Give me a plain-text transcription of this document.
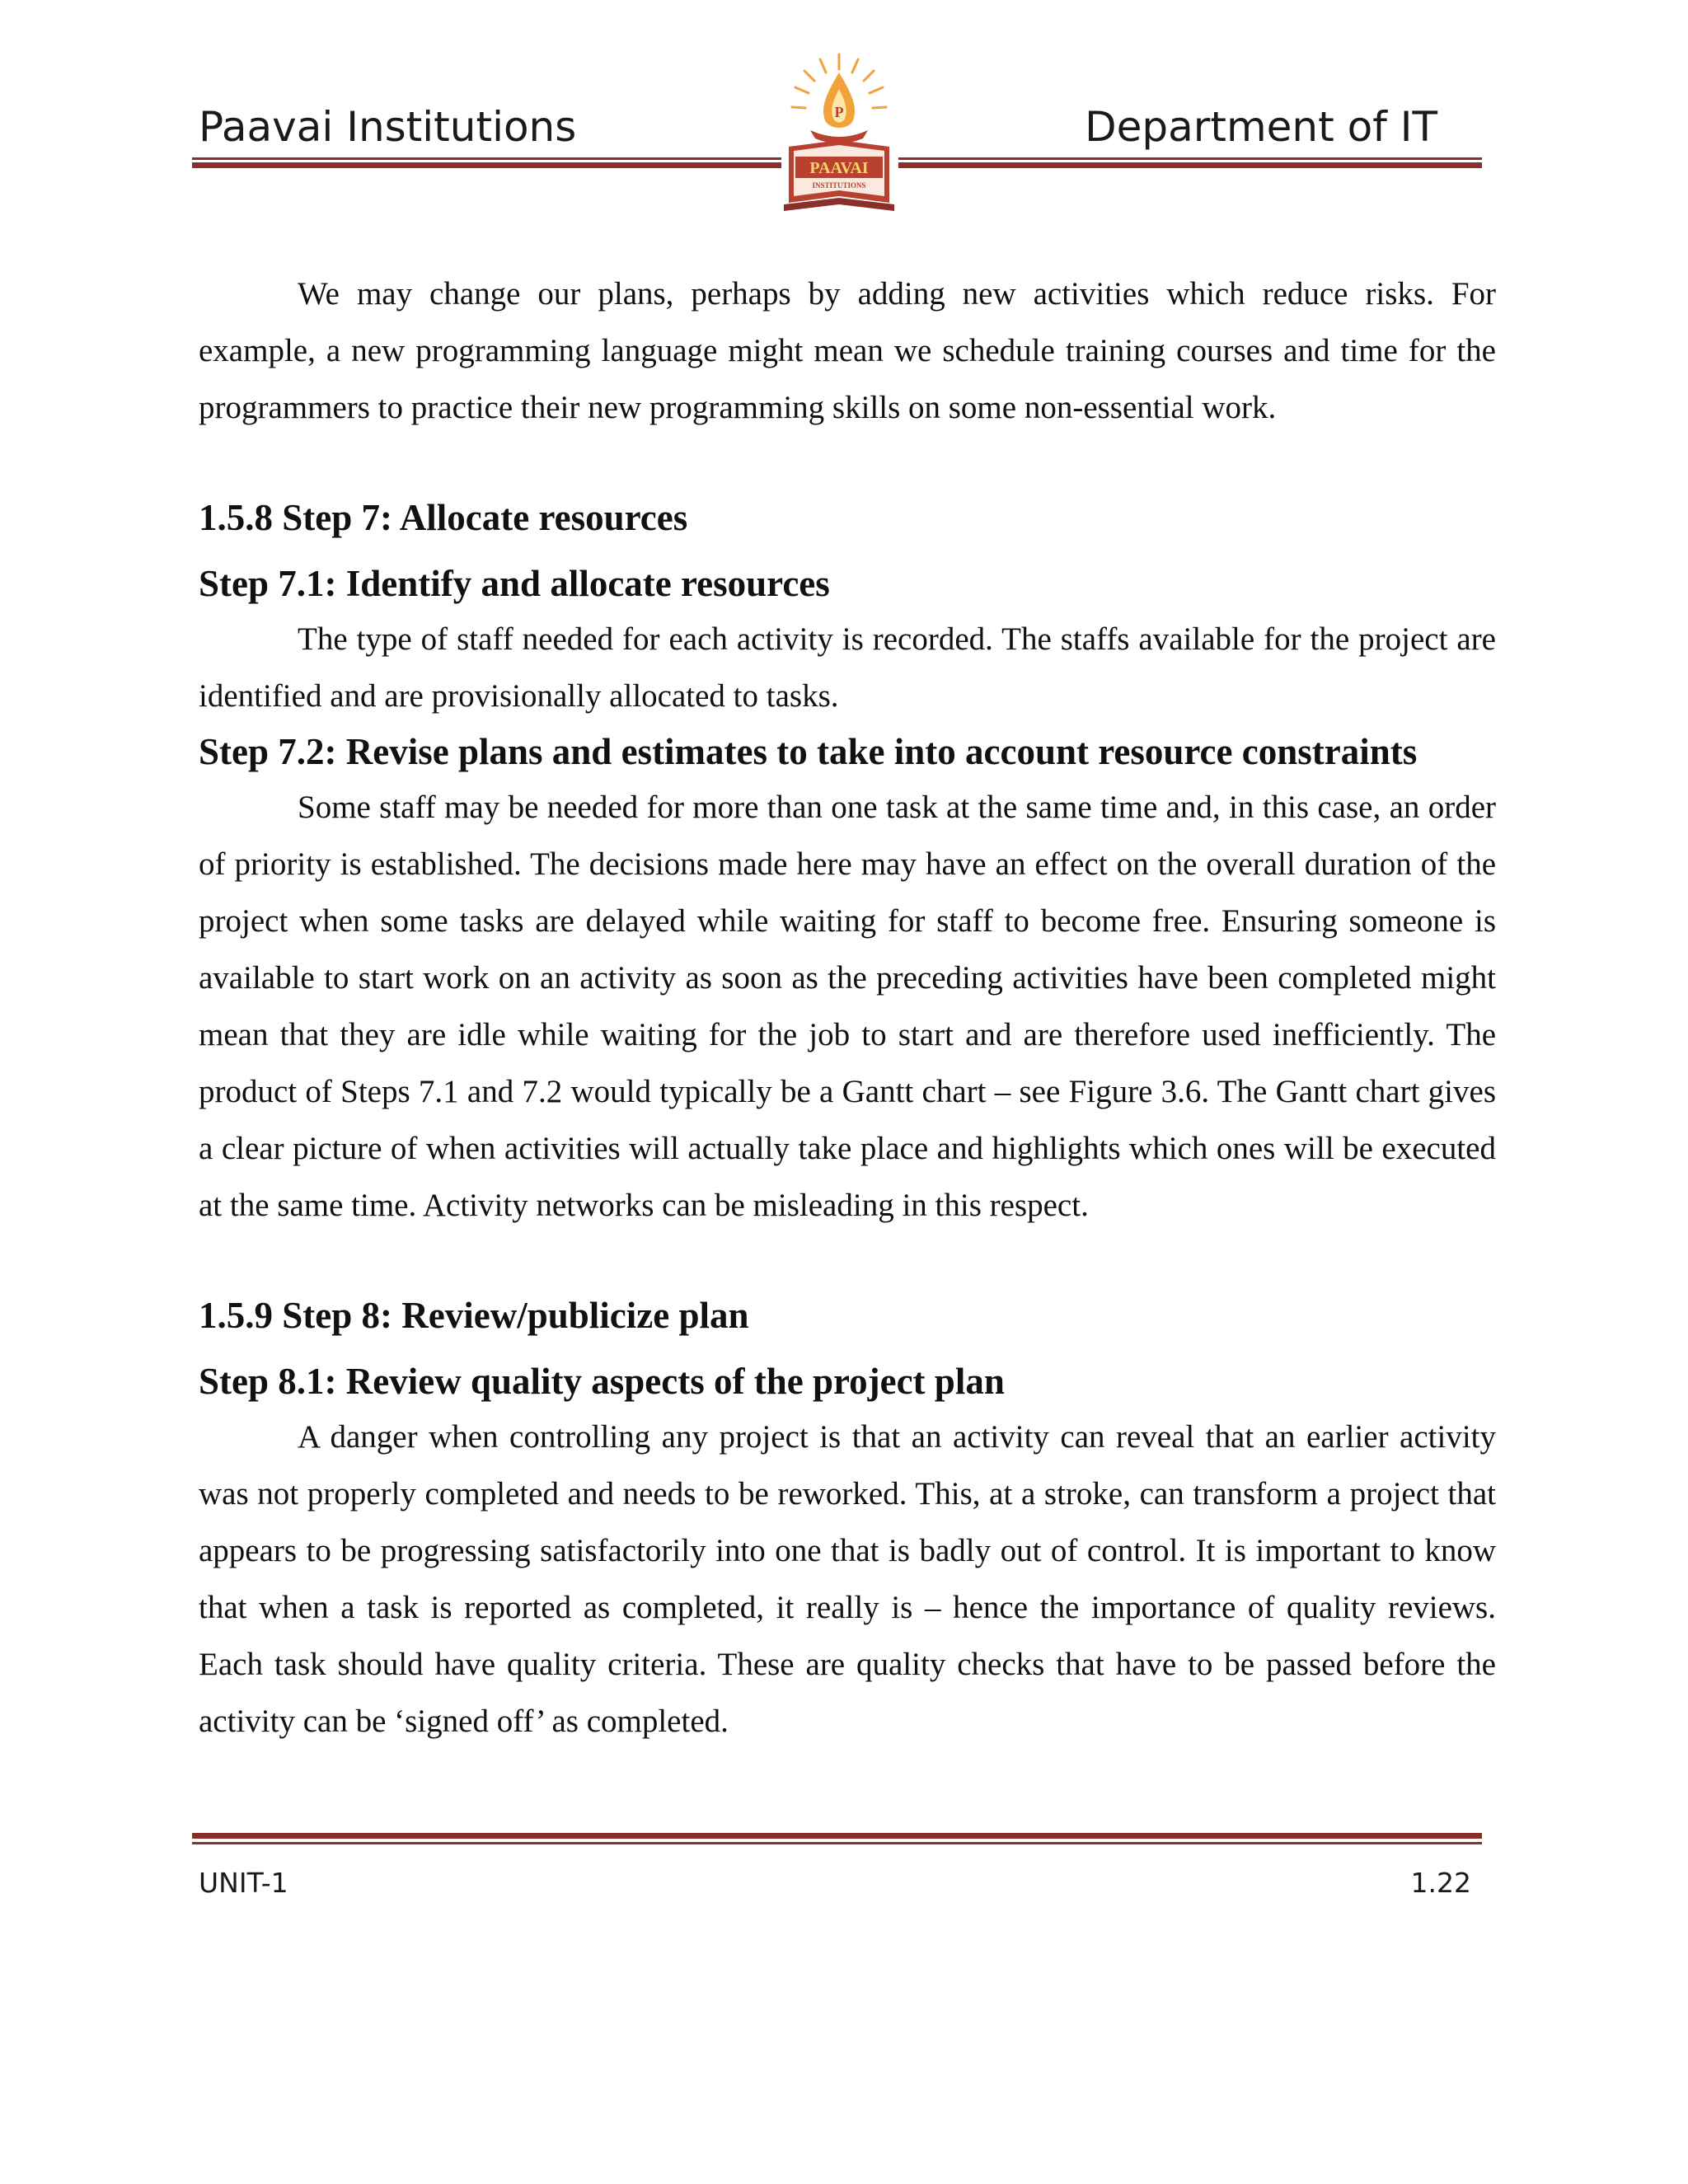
Paavai Institutions	Department of IT
P
PAAVAI
INSTITUTIONS

We may change our plans, perhaps by adding new activities which reduce risks. For example, a new programming language might mean we schedule training courses and time for the programmers to practice their new programming skills on some non-essential work.

1.5.8 Step 7: Allocate resources
Step 7.1: Identify and allocate resources

The type of staff needed for each activity is recorded. The staffs available for the project are identified and are provisionally allocated to tasks.

Step 7.2: Revise plans and estimates to take into account resource constraints

Some staff may be needed for more than one task at the same time and, in this case, an order of priority is established. The decisions made here may have an effect on the overall duration of the project when some tasks are delayed while waiting for staff to become free. Ensuring someone is available to start work on an activity as soon as the preceding activities have been completed might mean that they are idle while waiting for the job to start and are therefore used inefficiently. The product of Steps 7.1 and 7.2 would typically be a Gantt chart – see Figure 3.6. The Gantt chart gives a clear picture of when activities will actually take place and highlights which ones will be executed at the same time. Activity networks can be misleading in this respect.

1.5.9 Step 8: Review/publicize plan
Step 8.1: Review quality aspects of the project plan

A danger when controlling any project is that an activity can reveal that an earlier activity was not properly completed and needs to be reworked. This, at a stroke, can transform a project that appears to be progressing satisfactorily into one that is badly out of control. It is important to know that when a task is reported as completed, it really is – hence the importance of quality reviews. Each task should have quality criteria. These are quality checks that have to be passed before the activity can be ‘signed off’ as completed.

UNIT-1	1.22
